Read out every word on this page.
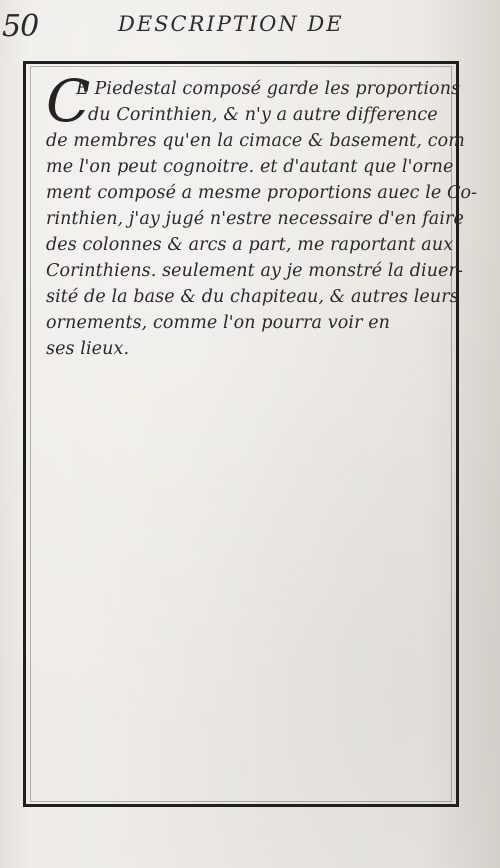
50	DESCRIPTION DE
C
E Piedestal composé garde les proportions
du Corinthien, & n'y a autre difference
de membres qu'en la cimace & basement, com
me l'on peut cognoitre. et d'autant que l'orne
ment composé a mesme proportions auec le Co-
rinthien, j'ay jugé n'estre necessaire d'en faire
des colonnes & arcs a part, me raportant aux
Corinthiens. seulement ay je monstré la diuer-
sité de la base & du chapiteau, & autres leurs
ornements, comme l'on pourra voir en
ses lieux.
